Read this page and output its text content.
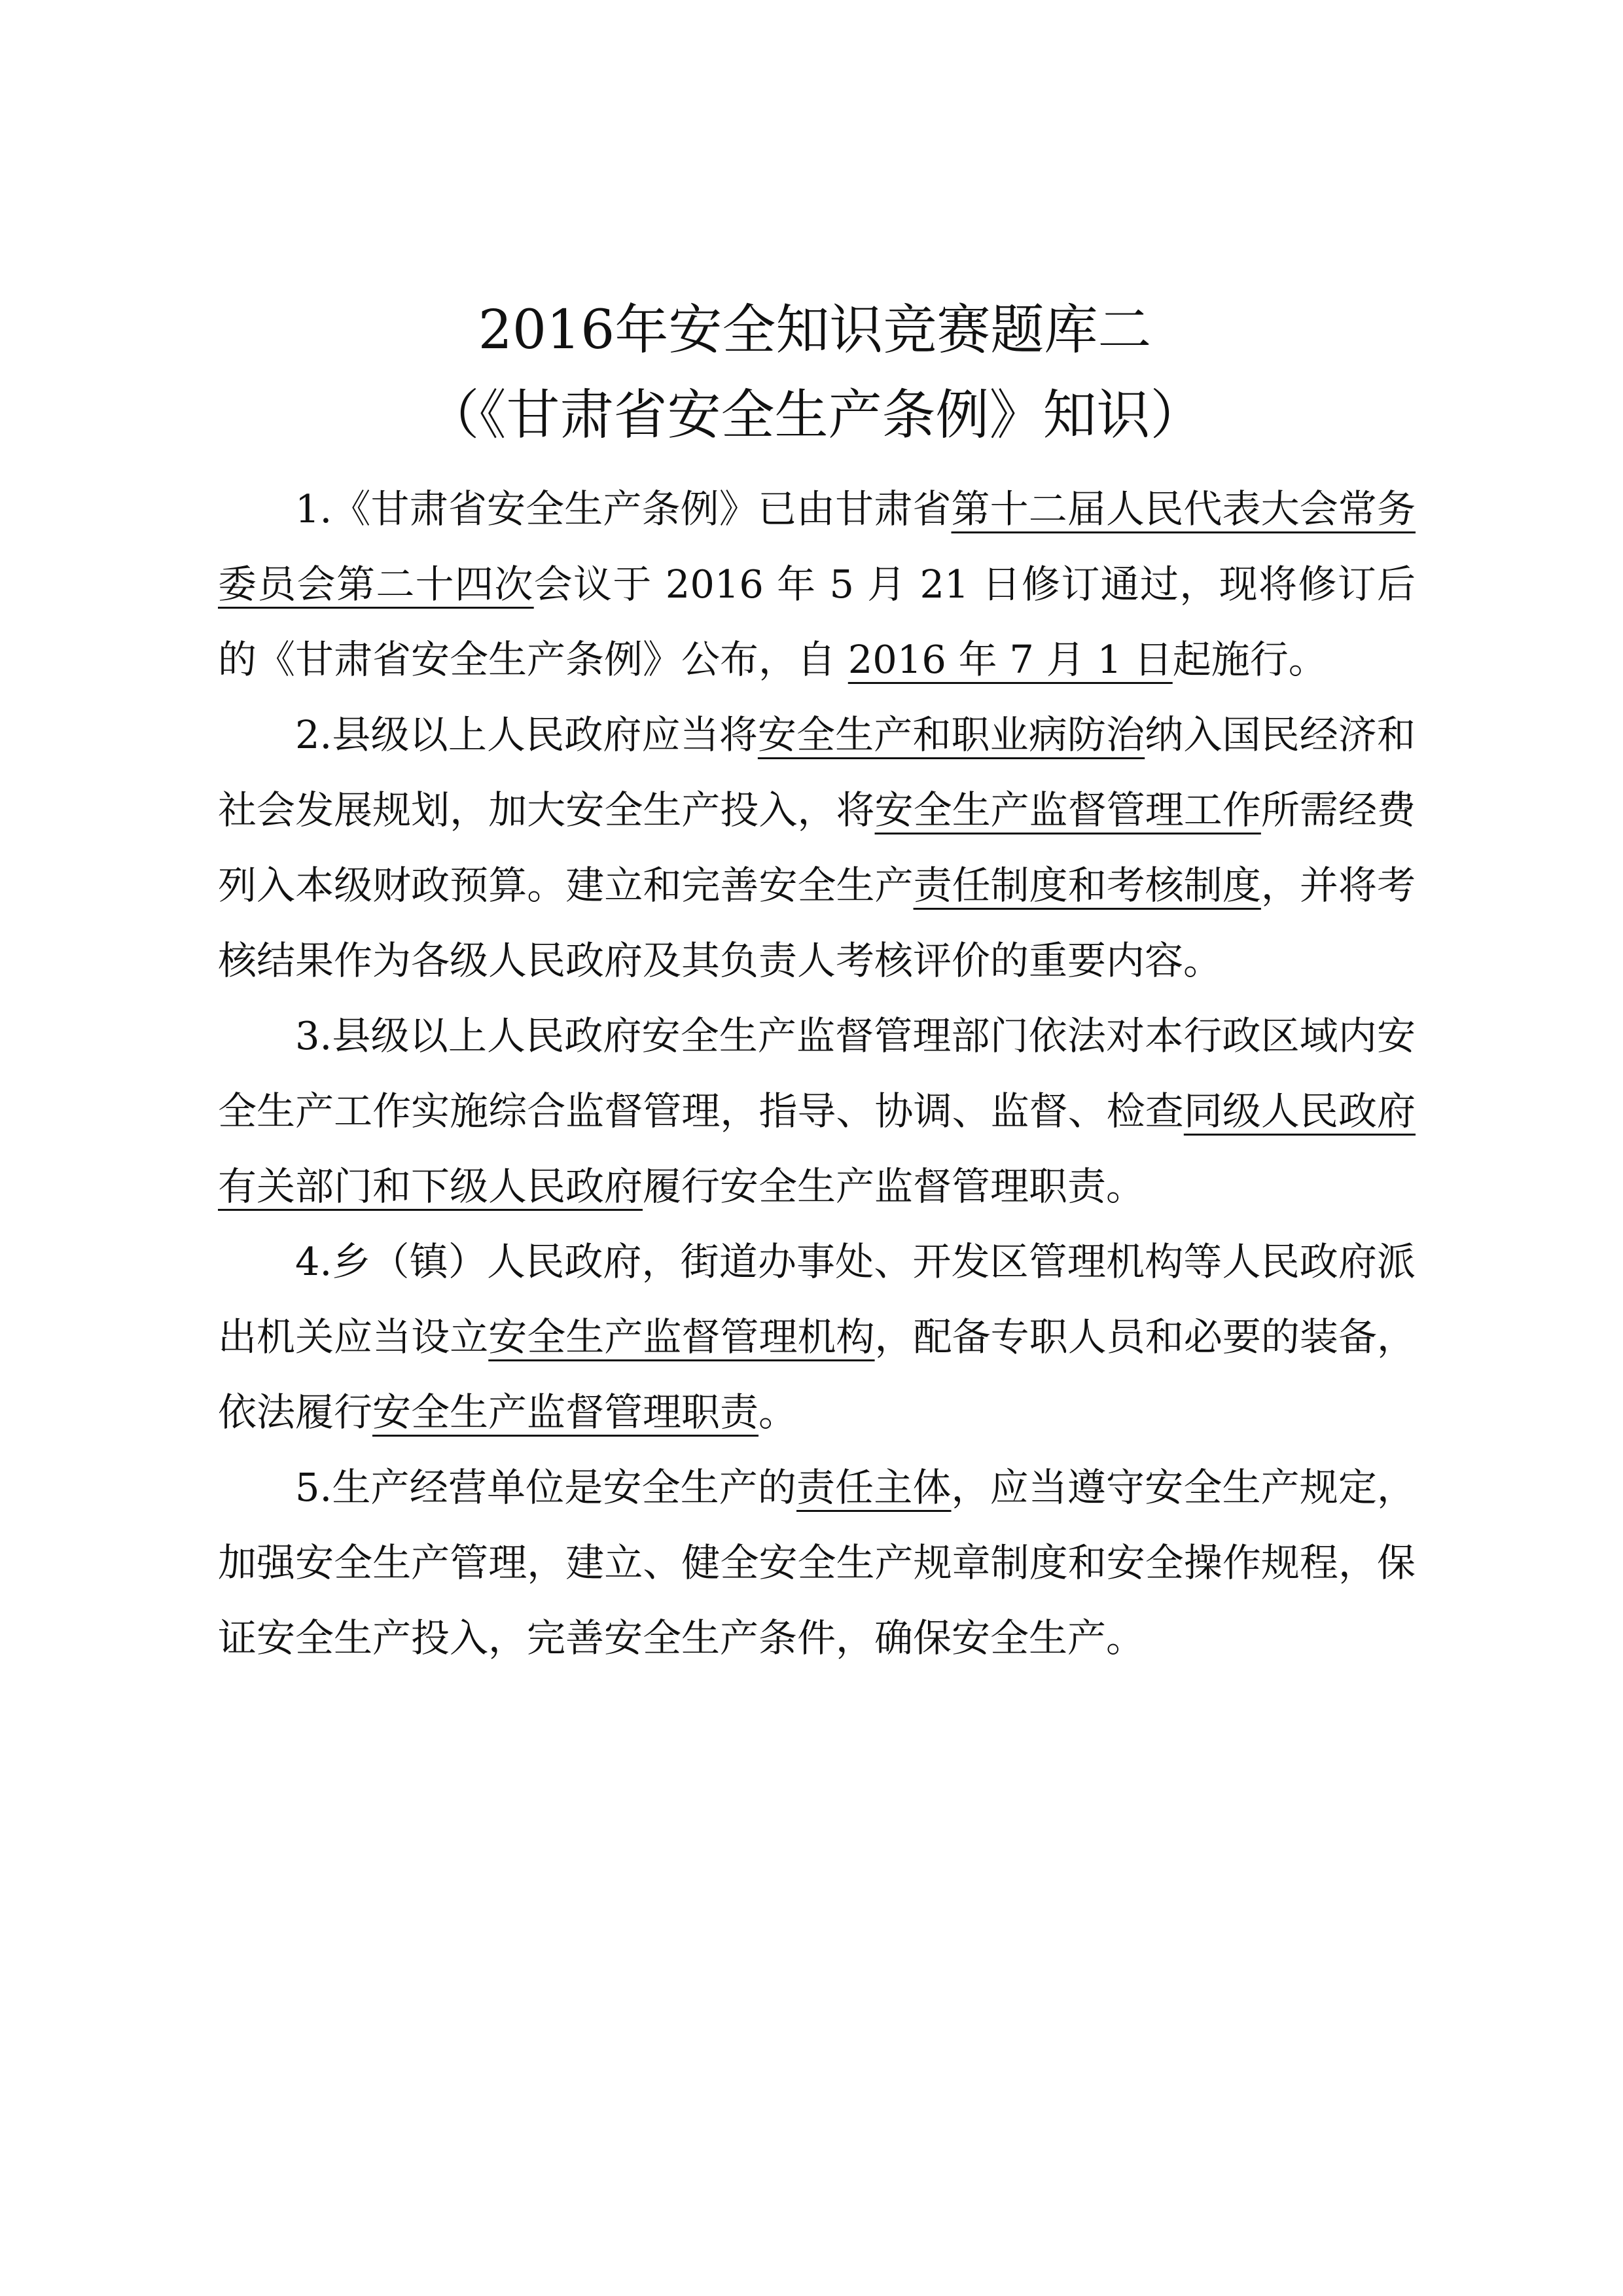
2016年安全知识竞赛题库二
（《甘肃省安全生产条例》知识）

1.《甘肃省安全生产条例》已由甘肃省第十二届人民代表大会常务委员会第二十四次会议于 2016 年 5 月 21 日修订通过，现将修订后的《甘肃省安全生产条例》公布，自 2016 年 7 月 1 日起施行。

2.县级以上人民政府应当将安全生产和职业病防治纳入国民经济和社会发展规划，加大安全生产投入，将安全生产监督管理工作所需经费列入本级财政预算。建立和完善安全生产责任制度和考核制度，并将考核结果作为各级人民政府及其负责人考核评价的重要内容。

3.县级以上人民政府安全生产监督管理部门依法对本行政区域内安全生产工作实施综合监督管理，指导、协调、监督、检查同级人民政府有关部门和下级人民政府履行安全生产监督管理职责。

4.乡（镇）人民政府，街道办事处、开发区管理机构等人民政府派出机关应当设立安全生产监督管理机构，配备专职人员和必要的装备，依法履行安全生产监督管理职责。

5.生产经营单位是安全生产的责任主体，应当遵守安全生产规定，加强安全生产管理，建立、健全安全生产规章制度和安全操作规程，保证安全生产投入，完善安全生产条件，确保安全生产。
